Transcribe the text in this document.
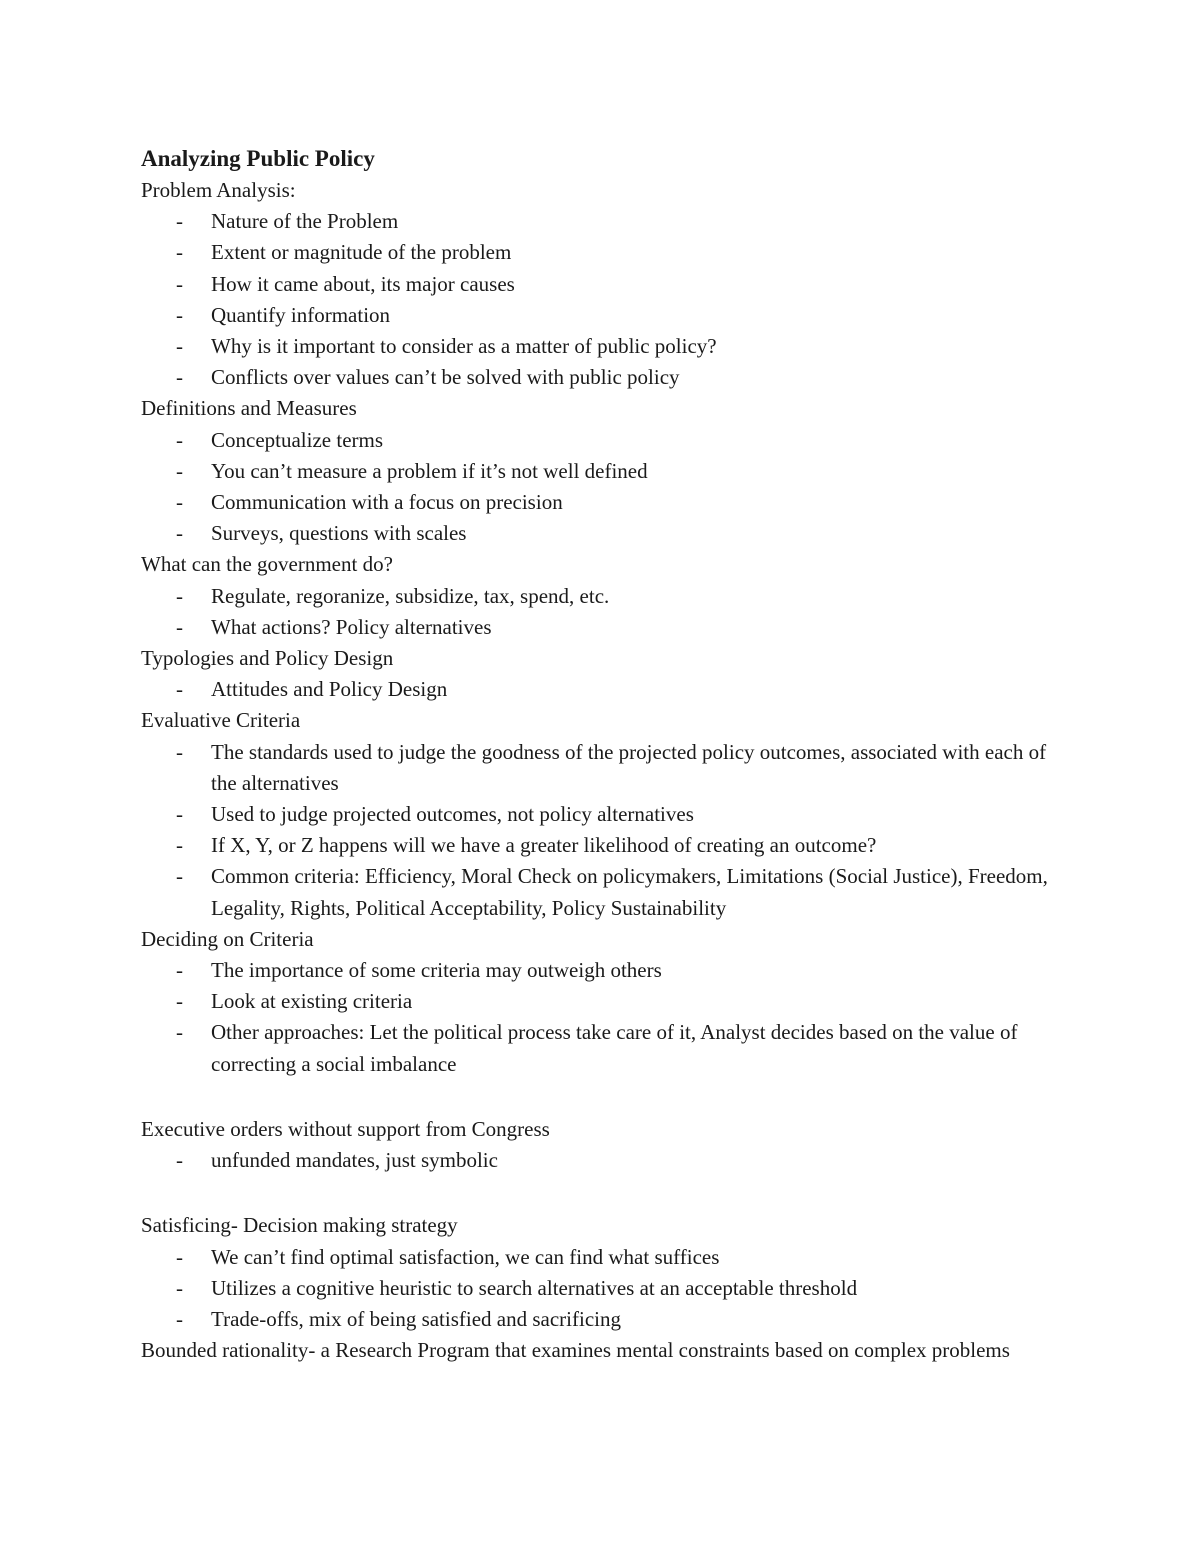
Analyzing Public Policy

Problem Analysis:

- Nature of the Problem
- Extent or magnitude of the problem
- How it came about, its major causes
- Quantify information
- Why is it important to consider as a matter of public policy?
- Conflicts over values can’t be solved with public policy

Definitions and Measures

- Conceptualize terms
- You can’t measure a problem if it’s not well defined
- Communication with a focus on precision
- Surveys, questions with scales

What can the government do?

- Regulate, regoranize, subsidize, tax, spend, etc.
- What actions? Policy alternatives

Typologies and Policy Design

- Attitudes and Policy Design

Evaluative Criteria

- The standards used to judge the goodness of the projected policy outcomes, associated with each of the alternatives
- Used to judge projected outcomes, not policy alternatives
- If X, Y, or Z happens will we have a greater likelihood of creating an outcome?
- Common criteria: Efficiency, Moral Check on policymakers, Limitations (Social Justice), Freedom, Legality, Rights, Political Acceptability, Policy Sustainability

Deciding on Criteria

- The importance of some criteria may outweigh others
- Look at existing criteria
- Other approaches: Let the political process take care of it, Analyst decides based on the value of correcting a social imbalance

Executive orders without support from Congress

- unfunded mandates, just symbolic

Satisficing- Decision making strategy

- We can’t find optimal satisfaction, we can find what suffices
- Utilizes a cognitive heuristic to search alternatives at an acceptable threshold
- Trade-offs, mix of being satisfied and sacrificing

Bounded rationality- a Research Program that examines mental constraints based on complex problems
